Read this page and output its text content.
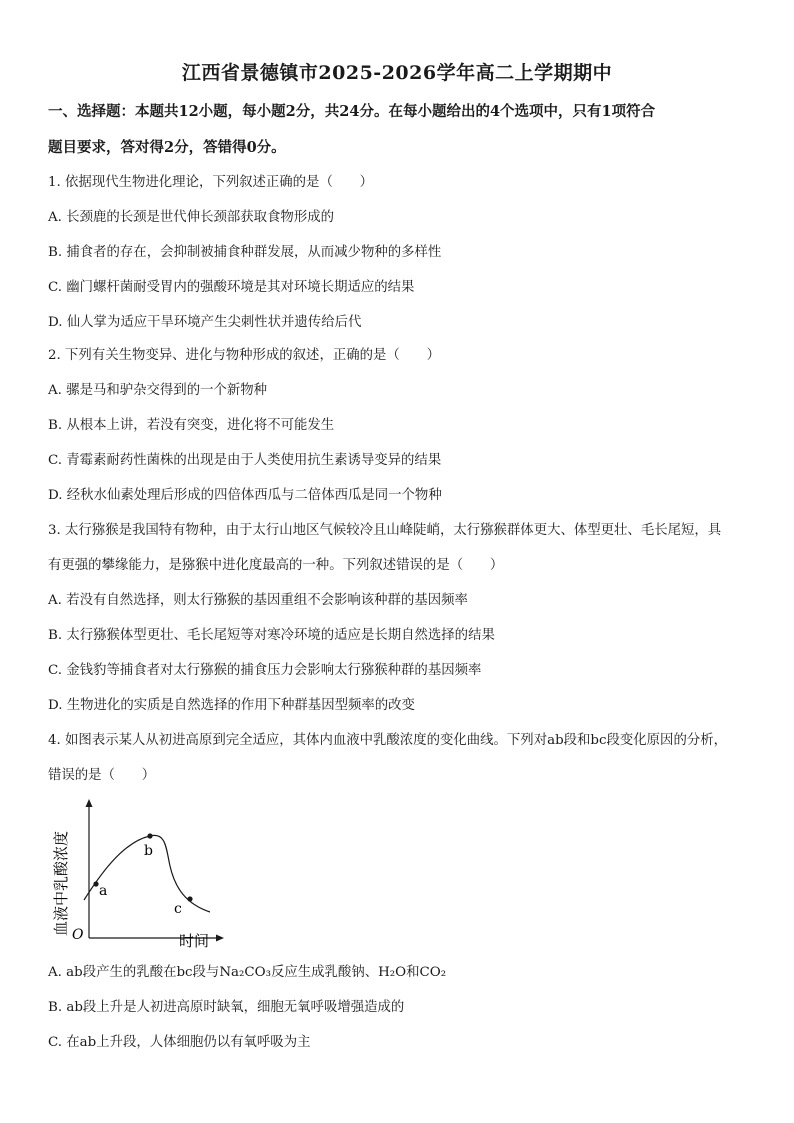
江西省景德镇市2025-2026学年高二上学期期中
一、选择题：本题共12小题，每小题2分，共24分。在每小题给出的4个选项中，只有1项符合
题目要求，答对得2分，答错得0分。
1. 依据现代生物进化理论，下列叙述正确的是（　　）
A. 长颈鹿的长颈是世代伸长颈部获取食物形成的
B. 捕食者的存在，会抑制被捕食种群发展，从而减少物种的多样性
C. 幽门螺杆菌耐受胃内的强酸环境是其对环境长期适应的结果
D. 仙人掌为适应干旱环境产生尖刺性状并遗传给后代
2. 下列有关生物变异、进化与物种形成的叙述，正确的是（　　）
A. 骡是马和驴杂交得到的一个新物种
B. 从根本上讲，若没有突变，进化将不可能发生
C. 青霉素耐药性菌株的出现是由于人类使用抗生素诱导变异的结果
D. 经秋水仙素处理后形成的四倍体西瓜与二倍体西瓜是同一个物种
3. 太行猕猴是我国特有物种，由于太行山地区气候较冷且山峰陡峭，太行猕猴群体更大、体型更壮、毛长尾短，具
有更强的攀缘能力，是猕猴中进化度最高的一种。下列叙述错误的是（　　）
A. 若没有自然选择，则太行猕猴的基因重组不会影响该种群的基因频率
B. 太行猕猴体型更壮、毛长尾短等对寒冷环境的适应是长期自然选择的结果
C. 金钱豹等捕食者对太行猕猴的捕食压力会影响太行猕猴种群的基因频率
D. 生物进化的实质是自然选择的作用下种群基因型频率的改变
4. 如图表示某人从初进高原到完全适应，其体内血液中乳酸浓度的变化曲线。下列对ab段和bc段变化原因的分析，
错误的是（　　）
a
b
c
O	时间
血液中乳酸浓度
A. ab段产生的乳酸在bc段与Na₂CO₃反应生成乳酸钠、H₂O和CO₂
B. ab段上升是人初进高原时缺氧，细胞无氧呼吸增强造成的
C. 在ab上升段，人体细胞仍以有氧呼吸为主
